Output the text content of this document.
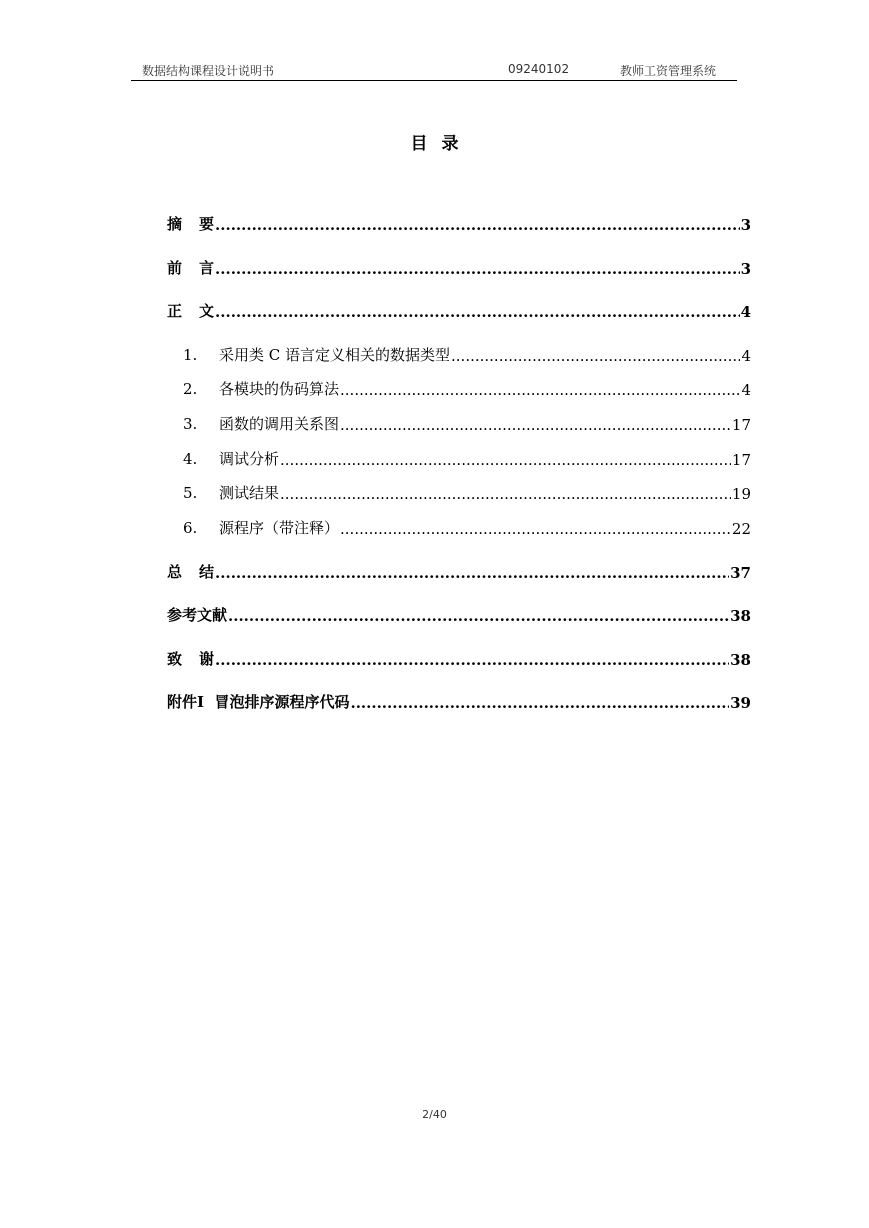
数据结构课程设计说明书	09240102	教师工资管理系统
目录
摘要 .....	3
前言 .....	3
正文 .....	4
1. 采用类 C 语言定义相关的数据类型 .....	4
2. 各模块的伪码算法 .....	4
3. 函数的调用关系图 .....	17
4. 调试分析 .....	17
5. 测试结果 .....	19
6. 源程序（带注释） .....	22
总结 .....	37
参考文献 .....	38
致谢 .....	38
附件Ⅰ  冒泡排序源程序代码 .....	39
2/40
